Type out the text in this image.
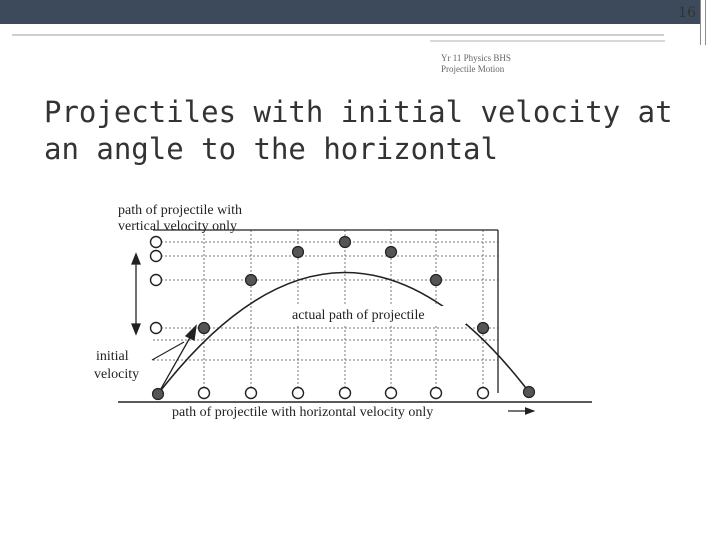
16
Yr 11 Physics BHS
Projectile Motion
Projectiles with initial velocity at an angle to the horizontal
path of projectile with
vertical velocity only
actual path of projectile
initial
velocity
path of projectile with horizontal velocity only
